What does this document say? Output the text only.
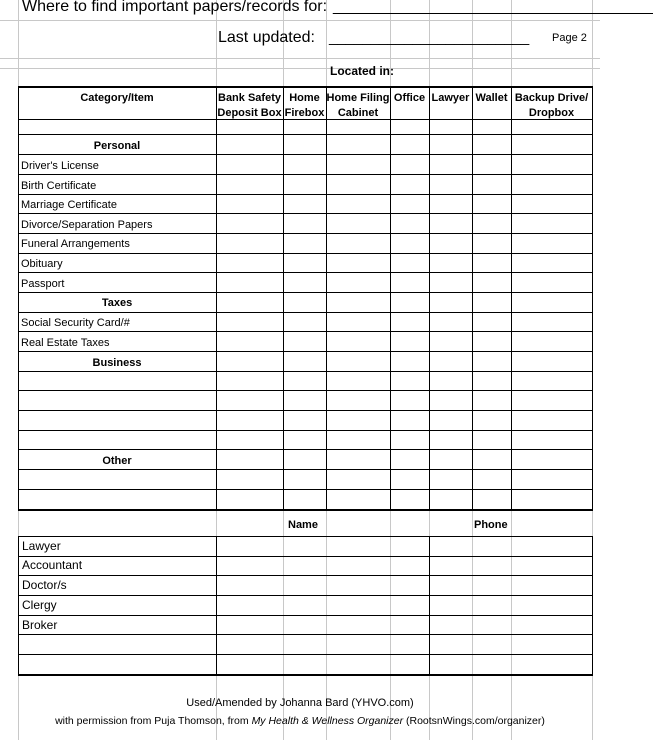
Where to find important papers/records for: ____________________________________
Last updated: ________________________ Page 2
Located in:
Category/Item	Bank Safety
Deposit Box
Home
Firebox
Home Filing
Cabinet
Office Lawyer Wallet Backup Drive/
Dropbox
Personal
Taxes
Business
Other
Driver's License
Birth Certificate
Marriage Certificate
Divorce/Separation Papers
Funeral Arrangements
Obituary
Passport
Social Security Card/#
Real Estate Taxes
Name	Phone
Lawyer
Accountant
Doctor/s
Clergy
Broker
Used/Amended by Johanna Bard (YHVO.com)
with permission from Puja Thomson, from My Health & Wellness Organizer (RootsnWings.com/organizer)
